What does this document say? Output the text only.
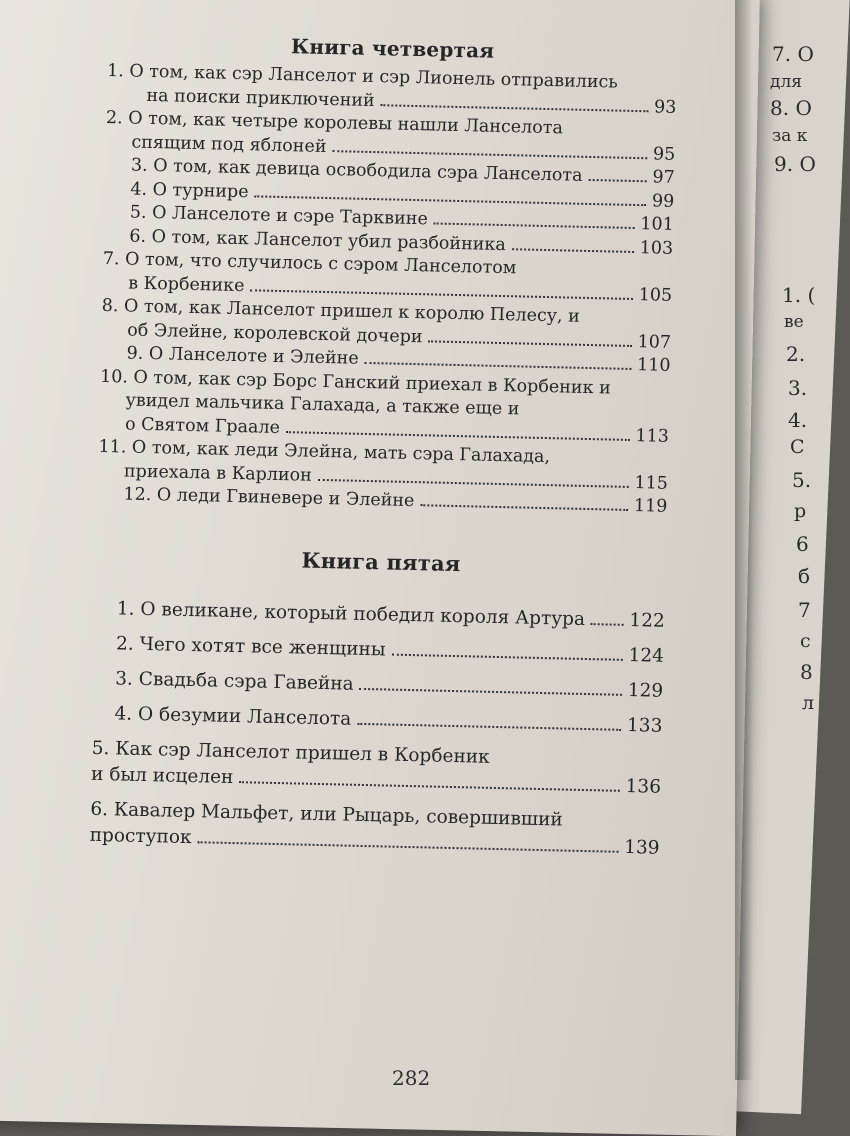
7. О
для
8. О
за к
9. О
1. (
ве
2.
3.
4.
С
5.
р
6
б
7
с
8
л
Книга четвертая
1. О том, как сэр Ланселот и сэр Лионель отправились
на поиски приключений	93
2. О том, как четыре королевы нашли Ланселота
спящим под яблоней	95
3. О том, как девица освободила сэра Ланселота	97
4. О турнире	99
5. О Ланселоте и сэре Тарквине	101
6. О том, как Ланселот убил разбойника	103
7. О том, что случилось с сэром Ланселотом
в Корбенике	105
8. О том, как Ланселот пришел к королю Пелесу, и
об Элейне, королевской дочери	107
9. О Ланселоте и Элейне	110
10. О том, как сэр Борс Ганский приехал в Корбеник и
увидел мальчика Галахада, а также еще и
о Святом Граале	113
11. О том, как леди Элейна, мать сэра Галахада,
приехала в Карлион	115
12. О леди Гвиневере и Элейне	119
Книга пятая
1. О великане, который победил короля Артура 122
2. Чего хотят все женщины	124
3. Свадьба сэра Гавейна	129
4. О безумии Ланселота	133
5. Как сэр Ланселот пришел в Корбеник
и был исцелен	136
6. Кавалер Мальфет, или Рыцарь, совершивший
проступок	139
282
